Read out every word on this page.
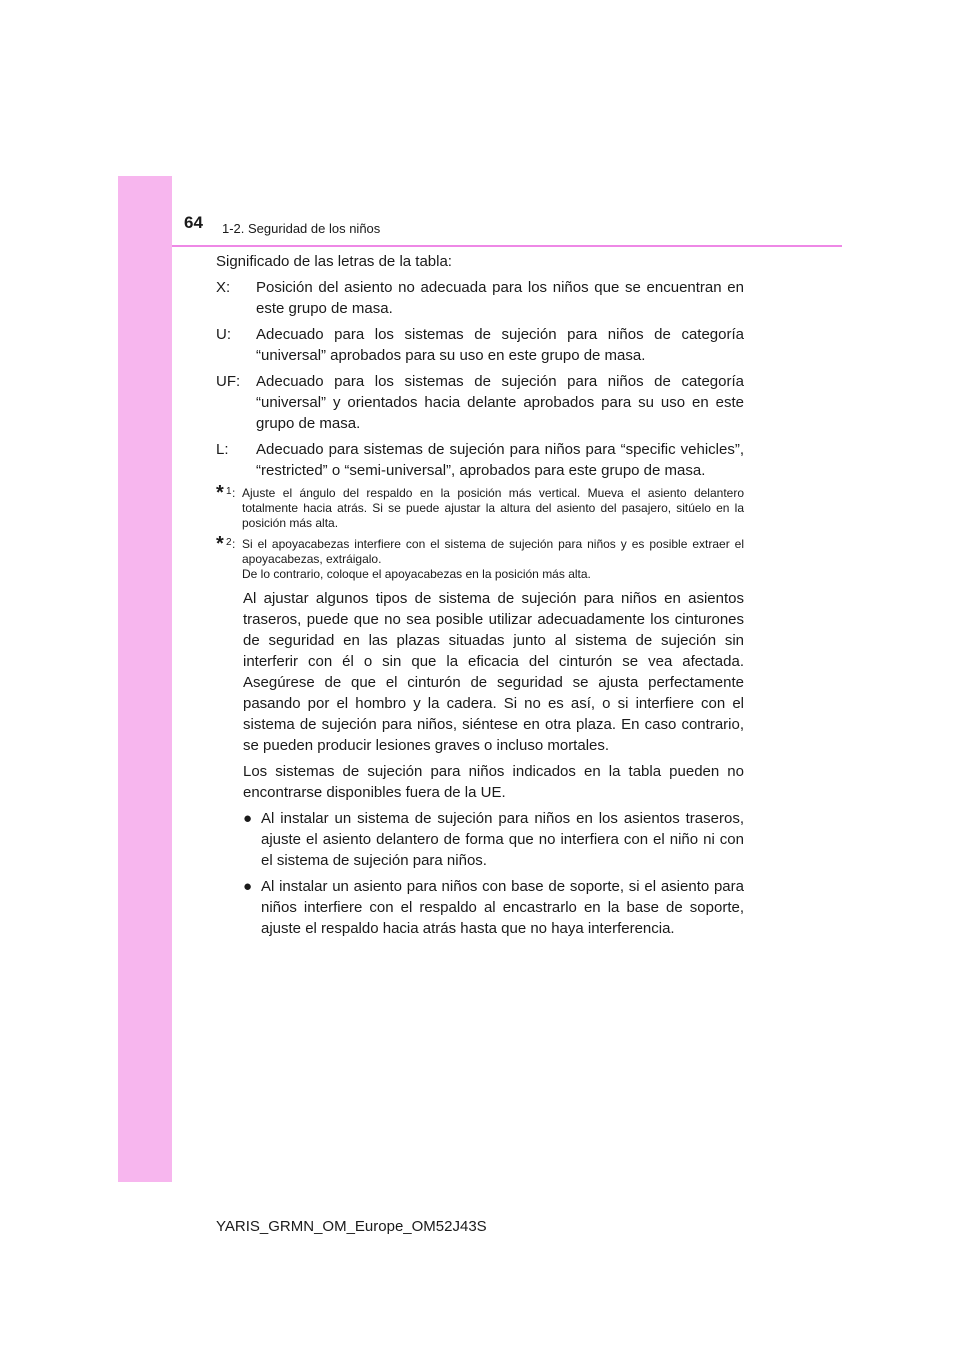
64 1-2. Seguridad de los niños

Significado de las letras de la tabla:

X:	Posición del asiento no adecuada para los niños que se encuentran en este grupo de masa.
U:	Adecuado para los sistemas de sujeción para niños de categoría “universal” aprobados para su uso en este grupo de masa.
UF:	Adecuado para los sistemas de sujeción para niños de categoría “universal” y orientados hacia delante aprobados para su uso en este grupo de masa.
L:	Adecuado para sistemas de sujeción para niños para “specific vehicles”, “restricted” o “semi-universal”, aprobados para este grupo de masa.
* 1 : Ajuste el ángulo del respaldo en la posición más vertical. Mueva el asiento delantero totalmente hacia atrás. Si se puede ajustar la altura del asiento del pasajero, sitúelo en la posición más alta.
* 2 : Si el apoyacabezas interfiere con el sistema de sujeción para niños y es posible extraer el apoyacabezas, extráigalo.
De lo contrario, coloque el apoyacabezas en la posición más alta.

Al ajustar algunos tipos de sistema de sujeción para niños en asientos traseros, puede que no sea posible utilizar adecuadamente los cinturones de seguridad en las plazas situadas junto al sistema de sujeción sin interferir con él o sin que la eficacia del cinturón se vea afectada. Asegúrese de que el cinturón de seguridad se ajusta perfectamente pasando por el hombro y la cadera. Si no es así, o si interfiere con el sistema de sujeción para niños, siéntese en otra plaza. En caso contrario, se pueden producir lesiones graves o incluso mortales.

Los sistemas de sujeción para niños indicados en la tabla pueden no encontrarse disponibles fuera de la UE.

● Al instalar un sistema de sujeción para niños en los asientos traseros, ajuste el asiento delantero de forma que no interfiera con el niño ni con el sistema de sujeción para niños.
● Al instalar un asiento para niños con base de soporte, si el asiento para niños interfiere con el respaldo al encastrarlo en la base de soporte, ajuste el respaldo hacia atrás hasta que no haya interferencia.
YARIS_GRMN_OM_Europe_OM52J43S
